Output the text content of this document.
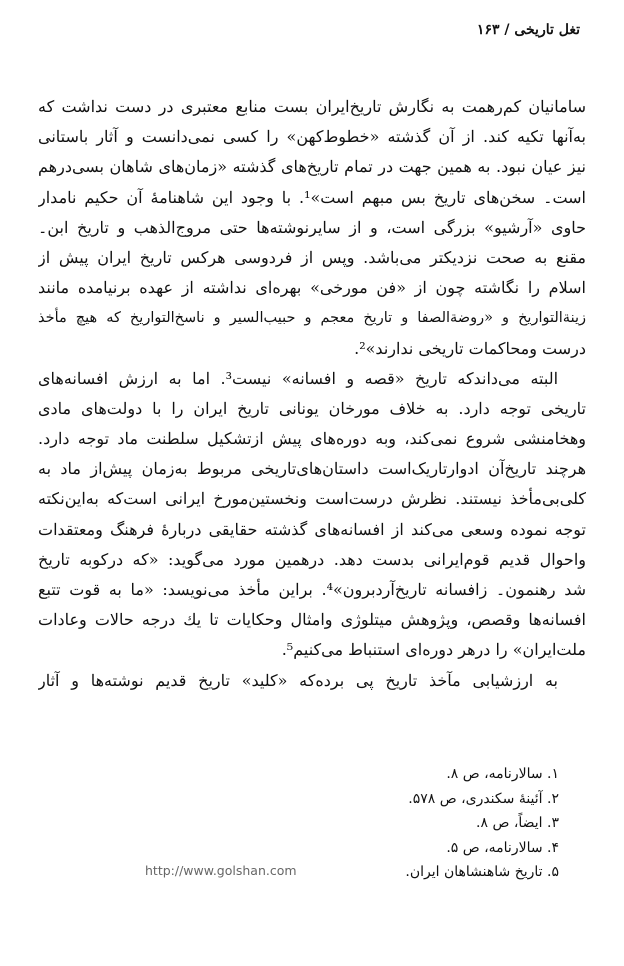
تغل تاریخی / ۱۶۳
سامانیان کم‌رهمت به نگارش تاریخ‌ایران بست منابع معتبری در دست نداشت که
به‌آنها تکیه کند. از آن گذشته «خطوط‌کهن» را کسی نمی‌دانست و آثار باستانی
نیز عیان نبود. به همین جهت در تمام تاریخ‌های گذشته «زمان‌های شاهان بسی‌درهم
است۔ سخن‌های تاریخ بس مبهم است»¹. با وجود این شاهنامهٔ آن حکیم نامدار
حاوی «آرشیو» بزرگی است، و از سایرنوشته‌ها حتی مروج‌الذهب و تاریخ ابن۔
مقنع به صحت نزدیکتر می‌باشد. وپس از فردوسی هرکس تاریخ ایران پیش از
اسلام را نگاشته چون از «فن مورخی» بهره‌ای نداشته از عهده برنیامده مانند
زینة‌التواریخ و «روضة‌الصفا و تاریخ معجم و حبیب‌السیر و ناسخ‌التواریخ که هیچ مأخذ
درست ومحاکمات تاریخی ندارند»².
البته می‌داندکه تاریخ «قصه و افسانه» نیست³. اما به ارزش افسانه‌های
تاریخی توجه دارد. به خلاف مورخان یونانی تاریخ ایران را با دولت‌های مادی
وهخامنشی شروع نمی‌کند، وبه دوره‌های پیش ازتشکیل سلطنت ماد توجه دارد.
هرچند تاریخ‌آن ادوارتاریک‌است داستان‌های‌تاریخی مربوط به‌زمان پیش‌از ماد به
کلی‌بی‌مأخذ نیستند. نظرش درست‌است ونخستین‌مورخ ایرانی است‌که به‌این‌نکته
توجه نموده وسعی می‌کند از افسانه‌های گذشته حقایقی دربارهٔ فرهنگ ومعتقدات
واحوال قدیم قوم‌ایرانی بدست دهد. درهمین مورد می‌گوید: «که درکوبه تاریخ
شد رهنمون۔ زافسانه تاریخ‌آردبرون»⁴. براین مأخذ می‌نویسد: «ما به قوت تتبع
افسانه‌ها وقصص، وپژوهش میتلوژی وامثال وحکایات تا یك درجه حالات وعادات
ملت‌ایران» را درهر دوره‌ای استنباط می‌کنیم⁵.
به ارزشیابی مآخذ تاریخ پی برده‌که «کلید» تاریخ قدیم نوشته‌ها و آثار
۱. سالارنامه، ص ۸.
۲. آئینهٔ سکندری، ص ۵۷۸.
۳. ایضاً، ص ۸.
۴. سالارنامه، ص ۵.
۵. تاریخ شاهنشاهان ایران.
http://www.golshan.com
